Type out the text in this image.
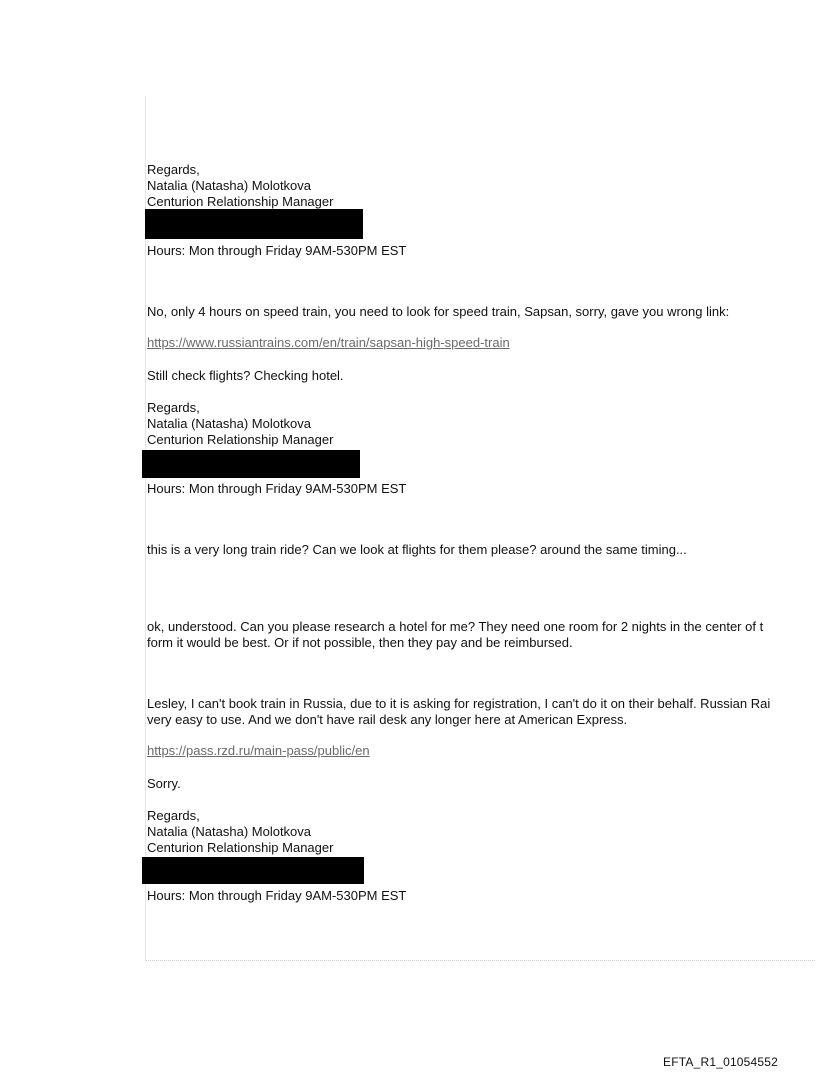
Regards,
Natalia (Natasha) Molotkova
Centurion Relationship Manager
Hours: Mon through Friday 9AM-530PM EST
No, only 4 hours on speed train, you need to look for speed train, Sapsan, sorry, gave you wrong link:
https://www.russiantrains.com/en/train/sapsan-high-speed-train
Still check flights? Checking hotel.
Regards,
Natalia (Natasha) Molotkova
Centurion Relationship Manager
Hours: Mon through Friday 9AM-530PM EST
this is a very long train ride? Can we look at flights for them please? around the same timing...
ok, understood. Can you please research a hotel for me? They need one room for 2 nights in the center of t
form it would be best. Or if not possible, then they pay and be reimbursed.
Lesley, I can't book train in Russia, due to it is asking for registration, I can't do it on their behalf. Russian Rai
very easy to use. And we don't have rail desk any longer here at American Express.
https://pass.rzd.ru/main-pass/public/en
Sorry.
Regards,
Natalia (Natasha) Molotkova
Centurion Relationship Manager
Hours: Mon through Friday 9AM-530PM EST
EFTA_R1_01054552
